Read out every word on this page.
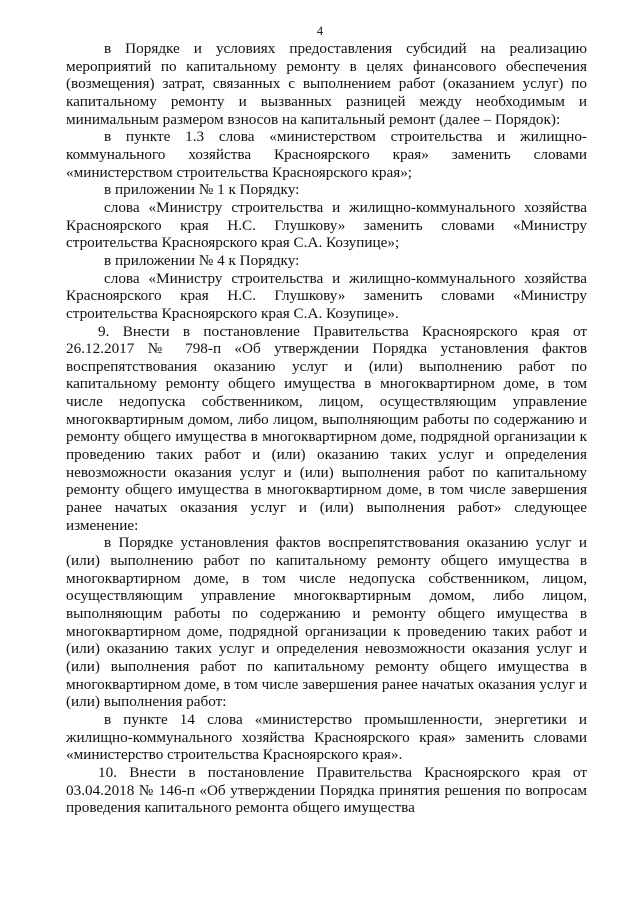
4

в Порядке и условиях предоставления субсидий на реализацию мероприятий по капитальному ремонту в целях финансового обеспечения (возмещения) затрат, связанных с выполнением работ (оказанием услуг) по капитальному ремонту и вызванных разницей между необходимым и минимальным размером взносов на капитальный ремонт (далее – Порядок):

в пункте 1.3 слова «министерством строительства и жилищно-коммунального хозяйства Красноярского края» заменить словами «министерством строительства Красноярского края»;

в приложении № 1 к Порядку:

слова «Министру строительства и жилищно-коммунального хозяйства Красноярского края Н.С. Глушкову» заменить словами «Министру строительства Красноярского края С.А. Козупице»;

в приложении № 4 к Порядку:

слова «Министру строительства и жилищно-коммунального хозяйства Красноярского края Н.С. Глушкову» заменить словами «Министру строительства Красноярского края С.А. Козупице».

9. Внести в постановление Правительства Красноярского края от 26.12.2017 № 798-п «Об утверждении Порядка установления фактов воспрепятствования оказанию услуг и (или) выполнению работ по капитальному ремонту общего имущества в многоквартирном доме, в том числе недопуска собственником, лицом, осуществляющим управление многоквартирным домом, либо лицом, выполняющим работы по содержанию и ремонту общего имущества в многоквартирном доме, подрядной организации к проведению таких работ и (или) оказанию таких услуг и определения невозможности оказания услуг и (или) выполнения работ по капитальному ремонту общего имущества в многоквартирном доме, в том числе завершения ранее начатых оказания услуг и (или) выполнения работ» следующее изменение:

в Порядке установления фактов воспрепятствования оказанию услуг и (или) выполнению работ по капитальному ремонту общего имущества в многоквартирном доме, в том числе недопуска собственником, лицом, осуществляющим управление многоквартирным домом, либо лицом, выполняющим работы по содержанию и ремонту общего имущества в многоквартирном доме, подрядной организации к проведению таких работ и (или) оказанию таких услуг и определения невозможности оказания услуг и (или) выполнения работ по капитальному ремонту общего имущества в многоквартирном доме, в том числе завершения ранее начатых оказания услуг и (или) выполнения работ:

в пункте 14 слова «министерство промышленности, энергетики и жилищно-коммунального хозяйства Красноярского края» заменить словами «министерство строительства Красноярского края».

10. Внести в постановление Правительства Красноярского края от 03.04.2018 № 146-п «Об утверждении Порядка принятия решения по вопросам проведения капитального ремонта общего имущества
